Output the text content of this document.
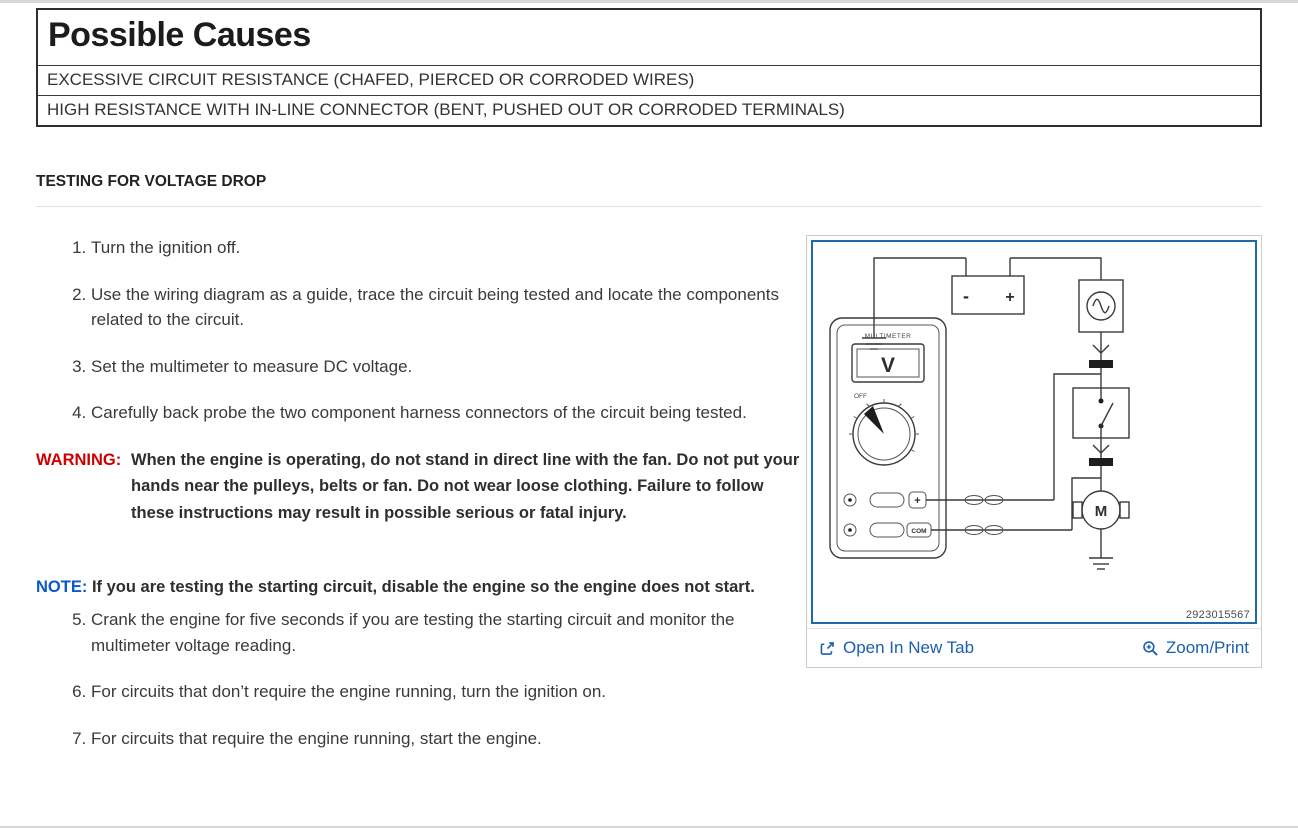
Possible Causes
EXCESSIVE CIRCUIT RESISTANCE (CHAFED, PIERCED OR CORRODED WIRES)
HIGH RESISTANCE WITH IN-LINE CONNECTOR (BENT, PUSHED OUT OR CORRODED TERMINALS)
TESTING FOR VOLTAGE DROP
1. Turn the ignition off.
2. Use the wiring diagram as a guide, trace the circuit being tested and locate the components related to the circuit.
3. Set the multimeter to measure DC voltage.
4. Carefully back probe the two component harness connectors of the circuit being tested.
WARNING: When the engine is operating, do not stand in direct line with the fan. Do not put your hands near the pulleys, belts or fan. Do not wear loose clothing. Failure to follow these instructions may result in possible serious or fatal injury.

NOTE: If you are testing the starting circuit, disable the engine so the engine does not start.

5. Crank the engine for five seconds if you are testing the starting circuit and monitor the multimeter voltage reading.
6. For circuits that don’t require the engine running, turn the ignition on.
7. For circuits that require the engine running, start the engine.
- +
M
MULTIMETER
V
OFF
+
COM
2923015567
Open In New Tab	Zoom/Print
